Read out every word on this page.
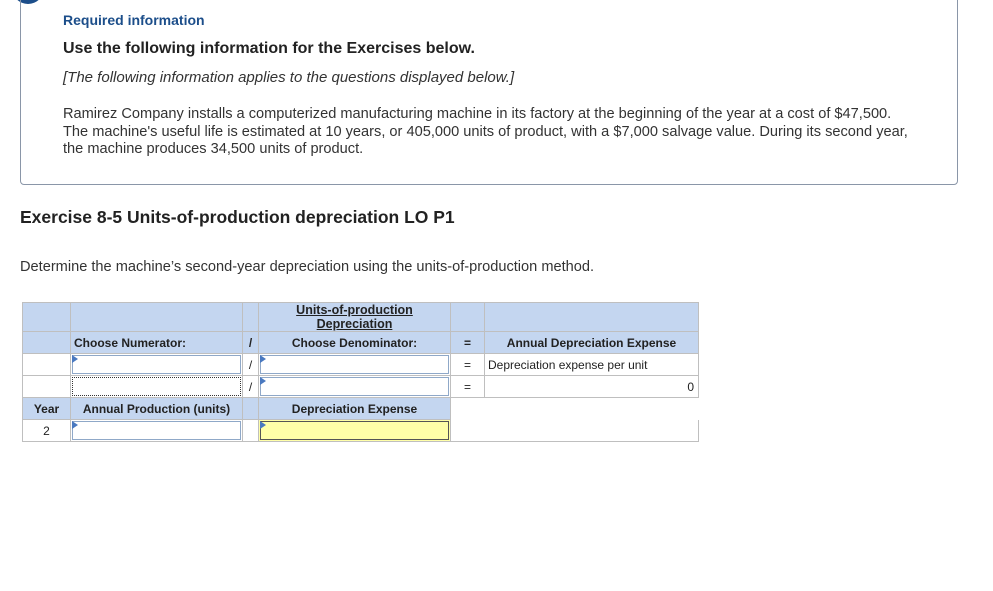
Required information
Use the following information for the Exercises below.
[The following information applies to the questions displayed below.]
Ramirez Company installs a computerized manufacturing machine in its factory at the beginning of the year at a cost of $47,500. The machine's useful life is estimated at 10 years, or 405,000 units of product, with a $7,000 salvage value. During its second year, the machine produces 34,500 units of product.
Exercise 8-5 Units-of-production depreciation LO P1
Determine the machine’s second-year depreciation using the units-of-production method.
			Units-of-production Depreciation		
	Choose Numerator:	/	Choose Denominator:	=	Annual Depreciation Expense

	/		=	Depreciation expense per unit

	/		=	0
Year	Annual Production (units)		Depreciation Expense		
2	
